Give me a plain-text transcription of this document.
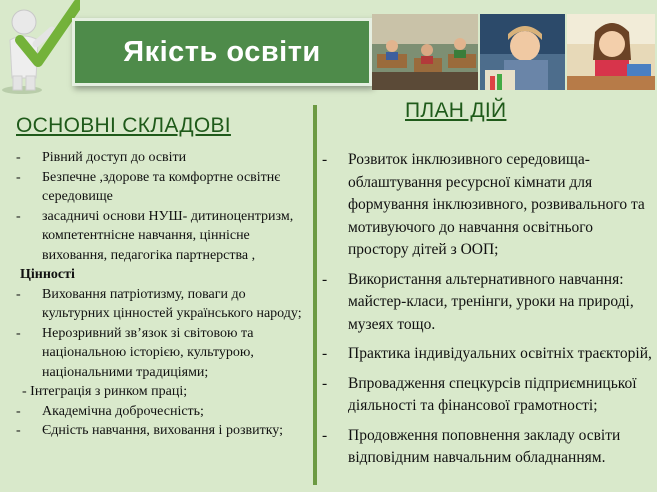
Якість освіти
ОСНОВНІ СКЛАДОВІ
-	Рівний доступ до освіти
-	Безпечне ,здорове та комфортне освітнє середовище
-	засадничі основи НУШ- дитиноцентризм, компетентнісне навчання, ціннісне виховання, педагогіка партнерства ,
Цінності
-	Виховання патріотизму, поваги до культурних цінностей українського народу;
-	Нерозривний зв’язок зі світовою та національною історією, культурою, національними традиціями;
- Інтеграція з ринком праці;
-	Академічна доброчесність;
-	Єдність навчання, виховання і розвитку;
ПЛАН ДІЙ
-	Розвиток інклюзивного середовища- облаштування ресурсної кімнати для формування інклюзивного, розвивального та мотивуючого до навчання освітнього простору дітей з ООП;
-	Використання альтернативного навчання: майстер-класи, тренінги, уроки на природі, музеях тощо.
-	Практика індивідуальних освітніх траєкторій,
-	Впровадження спецкурсів підприємницької діяльності та фінансової грамотності;
-	Продовження поповнення закладу освіти відповідним навчальним обладнанням.
